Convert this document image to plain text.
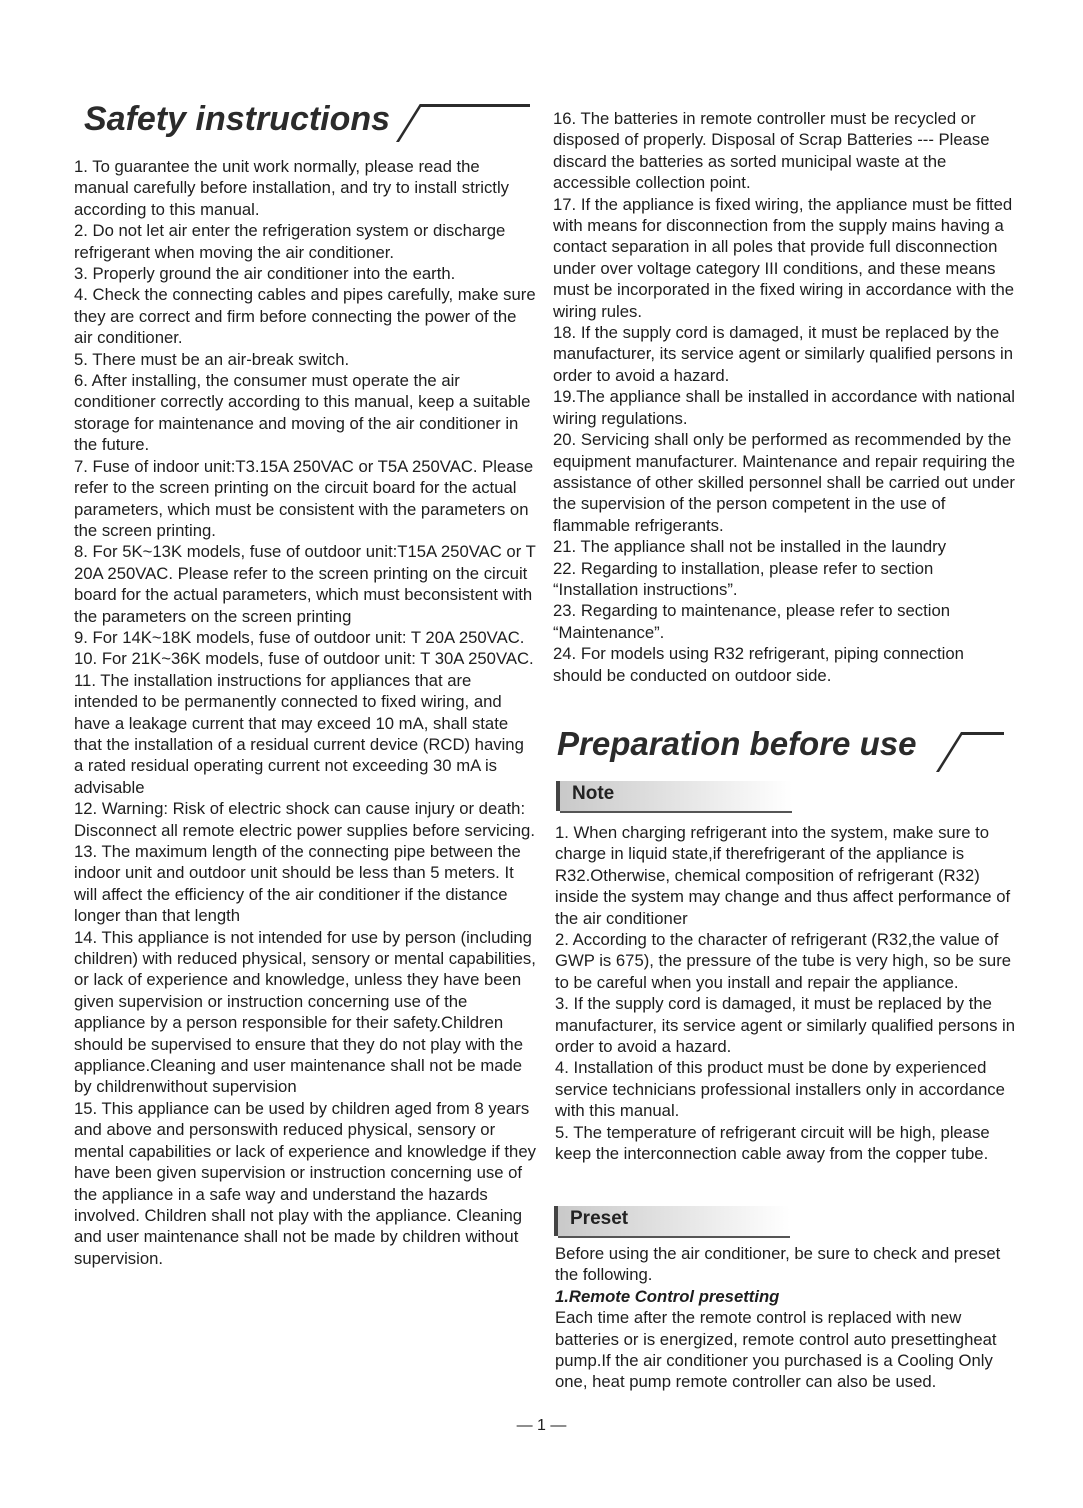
Safety instructions

1. To guarantee the unit work normally, please read the manual carefully before installation, and try to install strictly according to this manual.

2. Do not let air enter the refrigeration system or discharge refrigerant when moving the air conditioner.

3. Properly ground the air conditioner into the earth.

4. Check the connecting cables and pipes carefully, make sure they are correct and firm before connecting the power of the air conditioner.

5. There must be an air-break switch.

6. After installing, the consumer must operate the air conditioner correctly according to this manual, keep a suitable storage for maintenance and moving of the air conditioner in the future.

7. Fuse of indoor unit:T3.15A 250VAC or T5A 250VAC. Please refer to the screen printing on the circuit board for the actual parameters, which must be consistent with the parameters on the screen printing.

8. For 5K~13K models, fuse of outdoor unit:T15A 250VAC or T 20A 250VAC. Please refer to the screen printing on the circuit board for the actual parameters, which must beconsistent with the parameters on the screen printing

9. For 14K~18K models, fuse of outdoor unit: T 20A 250VAC.

10. For 21K~36K models, fuse of outdoor unit: T 30A 250VAC.

11. The installation instructions for appliances that are intended to be permanently connected to fixed wiring, and have a leakage current that may exceed 10 mA, shall state that the installation of a residual current device (RCD) having a rated residual operating current not exceeding 30 mA is advisable

12. Warning: Risk of electric shock can cause injury or death: Disconnect all remote electric power supplies before servicing.

13. The maximum length of the connecting pipe between the indoor unit and outdoor unit should be less than 5 meters. It will affect the efficiency of the air conditioner if the distance longer than that length

14. This appliance is not intended for use by person (including children) with reduced physical, sensory or mental capabilities, or lack of experience and knowledge, unless they have been given supervision or instruction concerning use of the appliance by a person responsible for their safety.Children should be supervised to ensure that they do not play with the appliance.Cleaning and user maintenance shall not be made by childrenwithout supervision

15. This appliance can be used by children aged from 8 years and above and personswith reduced physical, sensory or mental capabilities or lack of experience and knowledge if they have been given supervision or instruction concerning use of the appliance in a safe way and understand the hazards involved. Children shall not play with the appliance. Cleaning and user maintenance shall not be made by children without supervision.

16. The batteries in remote controller must be recycled or disposed of properly. Disposal of Scrap Batteries --- Please discard the batteries as sorted municipal waste at the accessible collection point.

17. If the appliance is fixed wiring, the appliance must be fitted with means for disconnection from the supply mains having a contact separation in all poles that provide full disconnection under over voltage category III conditions, and these means must be incorporated in the fixed wiring in accordance with the wiring rules.

18. If the supply cord is damaged, it must be replaced by the manufacturer, its service agent or similarly qualified persons in order to avoid a hazard.

19.The appliance shall be installed in accordance with national wiring regulations.

20. Servicing shall only be performed as recommended by the equipment manufacturer. Maintenance and repair requiring the assistance of other skilled personnel shall be carried out under the supervision of the person competent in the use of flammable refrigerants.

21. The appliance shall not be installed in the laundry

22. Regarding to installation, please refer to section “Installation instructions”.

23. Regarding to maintenance, please refer to section “Maintenance”.

24. For models using R32 refrigerant, piping connection should be conducted on outdoor side.

Preparation before use
Note

1. When charging refrigerant into the system, make sure to charge in liquid state,if therefrigerant of the appliance is R32.Otherwise, chemical composition of refrigerant (R32) inside the system may change and thus affect performance of the air conditioner

2. According to the character of refrigerant (R32,the value of GWP is 675), the pressure of the tube is very high, so be sure to be careful when you install and repair the appliance.

3. If the supply cord is damaged, it must be replaced by the manufacturer, its service agent or similarly qualified persons in order to avoid a hazard.

4. Installation of this product must be done by experienced service technicians professional installers only in accordance with this manual.

5. The temperature of refrigerant circuit will be high, please keep the interconnection cable away from the copper tube.

Preset

Before using the air conditioner, be sure to check and preset the following.

1.Remote Control presetting

Each time after the remote control is replaced with new batteries or is energized, remote control auto presettingheat pump.If the air conditioner you purchased is a Cooling Only one, heat pump remote controller can also be used.

— 1 —
